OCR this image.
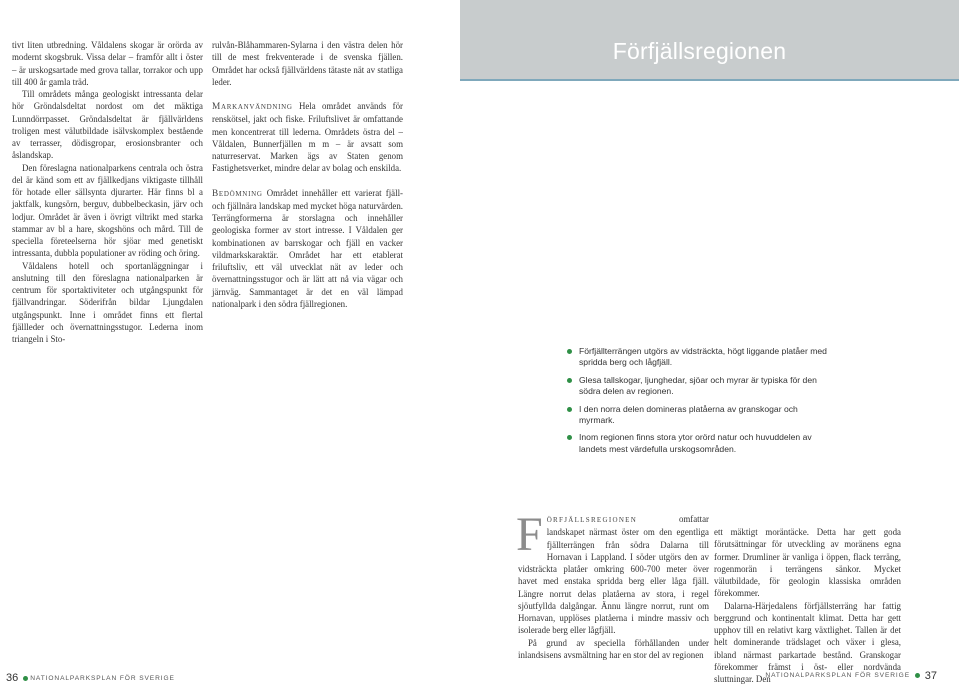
tivt liten utbredning. Våldalens skogar är orörda av modernt skogsbruk. Vissa delar – framför allt i öster – är urskogsartade med grova tallar, torrakor och upp till 400 år gamla träd.

Till områdets många geologiskt intressanta delar hör Gröndalsdeltat nordost om det mäktiga Lunndörrpasset. Gröndalsdeltat är fjällvärldens troligen mest välutbildade isälvskomplex bestående av terrasser, dödisgropar, erosionsbranter och åslandskap.

Den föreslagna nationalparkens centrala och östra del är känd som ett av fjällkedjans viktigaste tillhåll för hotade eller sällsynta djurarter. Här finns bl a jaktfalk, kungsörn, berguv, dubbelbeckasin, järv och lodjur. Området är även i övrigt viltrikt med starka stammar av bl a hare, skogshöns och mård. Till de speciella företeelserna hör sjöar med genetiskt intressanta, dubbla populationer av röding och öring.

Våldalens hotell och sportanläggningar i anslutning till den föreslagna nationalparken är centrum för sportaktiviteter och utgångspunkt för fjällvandringar. Söderifrån bildar Ljungdalen utgångspunkt. Inne i området finns ett flertal fjällleder och övernattningsstugor. Lederna inom triangeln i Sto-

rulvån-Blåhammaren-Sylarna i den västra delen hör till de mest frekventerade i de svenska fjällen. Området har också fjällvärldens tätaste nät av statliga leder.

Markanvändning Hela området används för renskötsel, jakt och fiske. Friluftslivet är omfattande men koncentrerat till lederna. Områdets östra del – Våldalen, Bunnerfjällen m m – är avsatt som naturreservat. Marken ägs av Staten genom Fastighetsverket, mindre delar av bolag och enskilda.

Bedömning Området innehåller ett varierat fjäll- och fjällnära landskap med mycket höga naturvärden. Terrängformerna är storslagna och innehåller geologiska former av stort intresse. I Våldalen ger kombinationen av barrskogar och fjäll en vacker vildmarkskaraktär. Området har ett etablerat friluftsliv, ett väl utvecklat nät av leder och övernattningsstugor och är lätt att nå via vägar och järnväg. Sammantaget är det en väl lämpad nationalpark i den södra fjällregionen.

36 NATIONALPARKSPLAN FÖR SVERIGE
Förfjällsregionen
Förfjällterrängen utgörs av vidsträckta, högt liggande platåer med spridda berg och lågfjäll.
Glesa tallskogar, ljunghedar, sjöar och myrar är typiska för den södra delen av regionen.
I den norra delen domineras platåerna av granskogar och myrmark.
Inom regionen finns stora ytor orörd natur och huvuddelen av landets mest värdefulla urskogsområden.

F örfjällsregionen omfattar landskapet närmast öster om den egentliga fjällterrängen från södra Dalarna till Hornavan i Lappland. I söder utgörs den av vidsträckta platåer omkring 600-700 meter över havet med enstaka spridda berg eller låga fjäll. Längre norrut delas platåerna av stora, i regel sjöutfyllda dalgångar. Ännu längre norrut, runt om Hornavan, upplöses platåerna i mindre massiv och isolerade berg eller lågfjäll.

På grund av speciella förhållanden under inlandsisens avsmältning har en stor del av regionen

ett mäktigt moräntäcke. Detta har gett goda förutsättningar för utveckling av moränens egna former. Drumliner är vanliga i öppen, flack terräng, rogenmorän i terrängens sänkor. Mycket välutbildade, för geologin klassiska områden förekommer.

Dalarna-Härjedalens förfjällsterräng har fattig berggrund och kontinentalt klimat. Detta har gett upphov till en relativt karg växtlighet. Tallen är det helt dominerande trädslaget och växer i glesa, ibland närmast parkartade bestånd. Granskogar förekommer främst i öst- eller nordvända sluttningar. Den

NATIONALPARKSPLAN FÖR SVERIGE 37
